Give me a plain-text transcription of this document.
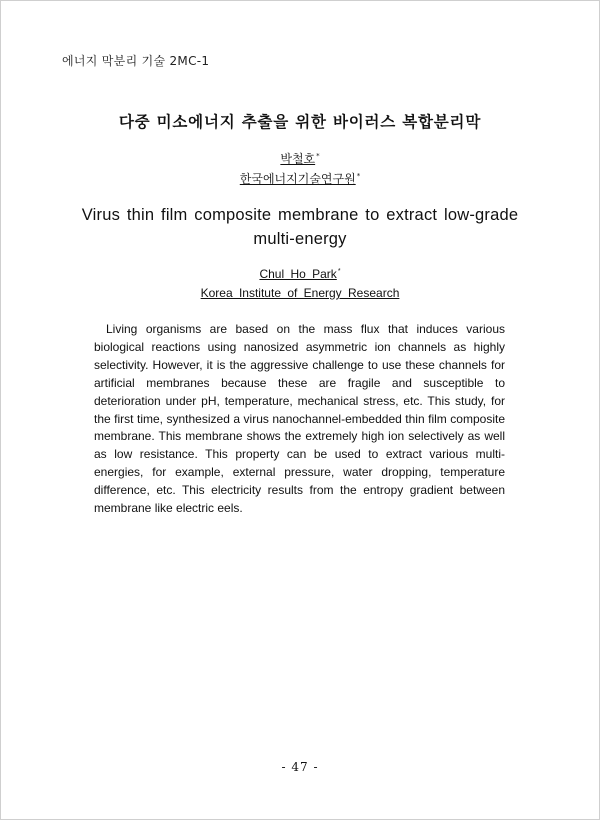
에너지 막분리 기술 2MC-1
다중 미소에너지 추출을 위한 바이러스 복합분리막
박철호*
한국에너지기술연구원*
Virus thin film composite membrane to extract low-grade multi-energy
Chul Ho Park*
Korea Institute of Energy Research

Living organisms are based on the mass flux that induces various biological reactions using nanosized asymmetric ion channels as highly selectivity. However, it is the aggressive challenge to use these channels for artificial membranes because these are fragile and susceptible to deterioration under pH, temperature, mechanical stress, etc. This study, for the first time, synthesized a virus nanochannel-embedded thin film composite membrane. This membrane shows the extremely high ion selectively as well as low resistance. This property can be used to extract various multi-energies, for example, external pressure, water dropping, temperature difference, etc. This electricity results from the entropy gradient between membrane like electric eels.

- 47 -
